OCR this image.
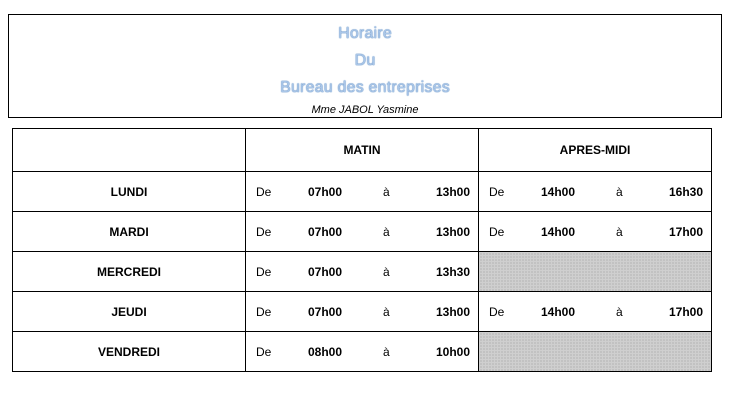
Horaire
Du
Bureau des entreprises
Mme JABOL Yasmine
	MATIN	APRES-MIDI
LUNDI	De 07h00 à 13h00	De 14h00 à 16h30

MARDI	De 07h00 à 13h00	De 14h00 à 17h00

MERCREDI	De 07h00 à 13h30	

JEUDI	De 07h00 à 13h00	De 14h00 à 17h00

VENDREDI	De 08h00 à 10h00	
